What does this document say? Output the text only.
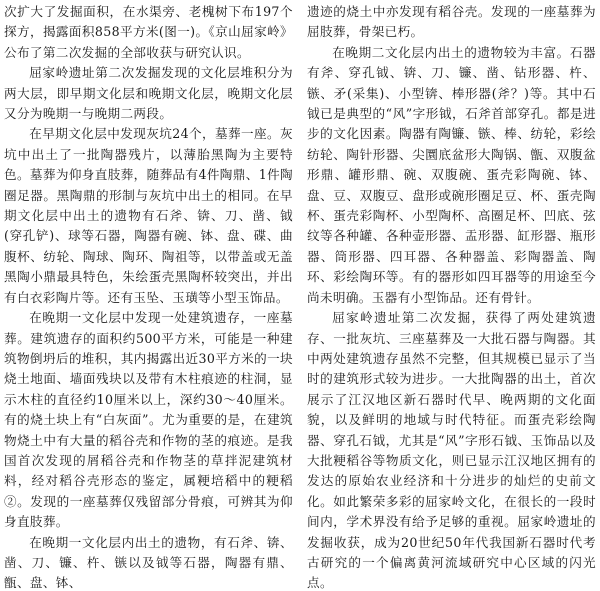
次扩大了发掘面积，在水渠旁、老槐树下布197个探方，揭露面积858平方米(图一)。《京山屈家岭》公布了第二次发掘的全部收获与研究认识。

屈家岭遗址第二次发掘发现的文化层堆积分为两大层，即早期文化层和晚期文化层，晚期文化层又分为晚期一与晚期二两段。

在早期文化层中发现灰坑24个，墓葬一座。灰坑中出土了一批陶器残片，以薄胎黑陶为主要特色。墓葬为仰身直肢葬，随葬品有4件陶鼎、1件陶圈足器。黑陶鼎的形制与灰坑中出土的相同。在早期文化层中出土的遗物有石斧、锛、刀、凿、钺(穿孔铲)、球等石器，陶器有碗、钵、盘、碟、曲腹杯、纺轮、陶球、陶环、陶祖等，以带盖或无盖黑陶小鼎最具特色，朱绘蛋壳黑陶杯较突出，并出有白衣彩陶片等。还有玉坠、玉璜等小型玉饰品。

在晚期一文化层中发现一处建筑遗存，一座墓葬。建筑遗存的面积约500平方米，可能是一种建筑物倒坍后的堆积，其内揭露出近30平方米的一块烧土地面、墙面残块以及带有木柱痕迹的柱洞，显示木柱的直径约10厘米以上，深约30～40厘米。有的烧土块上有“白灰面”。尤为重要的是，在建筑物烧土中有大量的稻谷壳和作物的茎的痕迹。是我国首次发现的屑稻谷壳和作物茎的草拌泥建筑材料，经对稻谷壳形态的鉴定，属粳培稻中的粳稻②。发现的一座墓葬仅残留部分骨痕，可辨其为仰身直肢葬。

在晚期一文化层内出土的遗物，有石斧、锛、凿、刀、镰、杵、镞以及钺等石器，陶器有鼎、甑、盘、钵、

遗迹的烧土中亦发现有稻谷壳。发现的一座墓葬为屈肢葬，骨架已朽。

在晚期二文化层内出土的遗物较为丰富。石器有斧、穿孔钺、锛、刀、镰、凿、钻形器、杵、镞、矛(采集)、小型锛、棒形器(斧？)等。其中石钺已是典型的“风”字形钺，石斧首部穿孔。都是进步的文化因素。陶器有陶镰、镞、棒、纺轮，彩绘纺轮、陶针形器、尖圜底盆形大陶锅、甑、双腹盆形鼎、罐形鼎、碗、双腹碗、蛋壳彩陶碗、钵、盘、豆、双腹豆、盘形或碗形圈足豆、杯、蛋壳陶杯、蛋壳彩陶杯、小型陶杯、高圈足杯、凹底、弦纹等各种罐、各种壶形器、盂形器、缸形器、瓶形器、筒形器、四耳器、各种器盖、彩陶器盖、陶环、彩绘陶环等。有的器形如四耳器等的用途至今尚未明确。玉器有小型饰品。还有骨针。

屈家岭遗址第二次发掘，获得了两处建筑遗存、一批灰坑、三座墓葬及一大批石器与陶器。其中两处建筑遗存虽然不完整，但其规模已显示了当时的建筑形式较为进步。一大批陶器的出土，首次展示了江汉地区新石器时代早、晚两期的文化面貌，以及鲜明的地域与时代特征。而蛋壳彩绘陶器、穿孔石钺，尤其是“风”字形石钺、玉饰品以及大批粳稻谷等物质文化，则已显示江汉地区拥有的发达的原始农业经济和十分进步的灿烂的史前文化。如此繁荣多彩的屈家岭文化，在很长的一段时间内，学术界没有给予足够的重视。屈家岭遗址的发掘收获，成为20世纪50年代我国新石器时代考古研究的一个偏离黄河流域研究中心区域的闪光点。
